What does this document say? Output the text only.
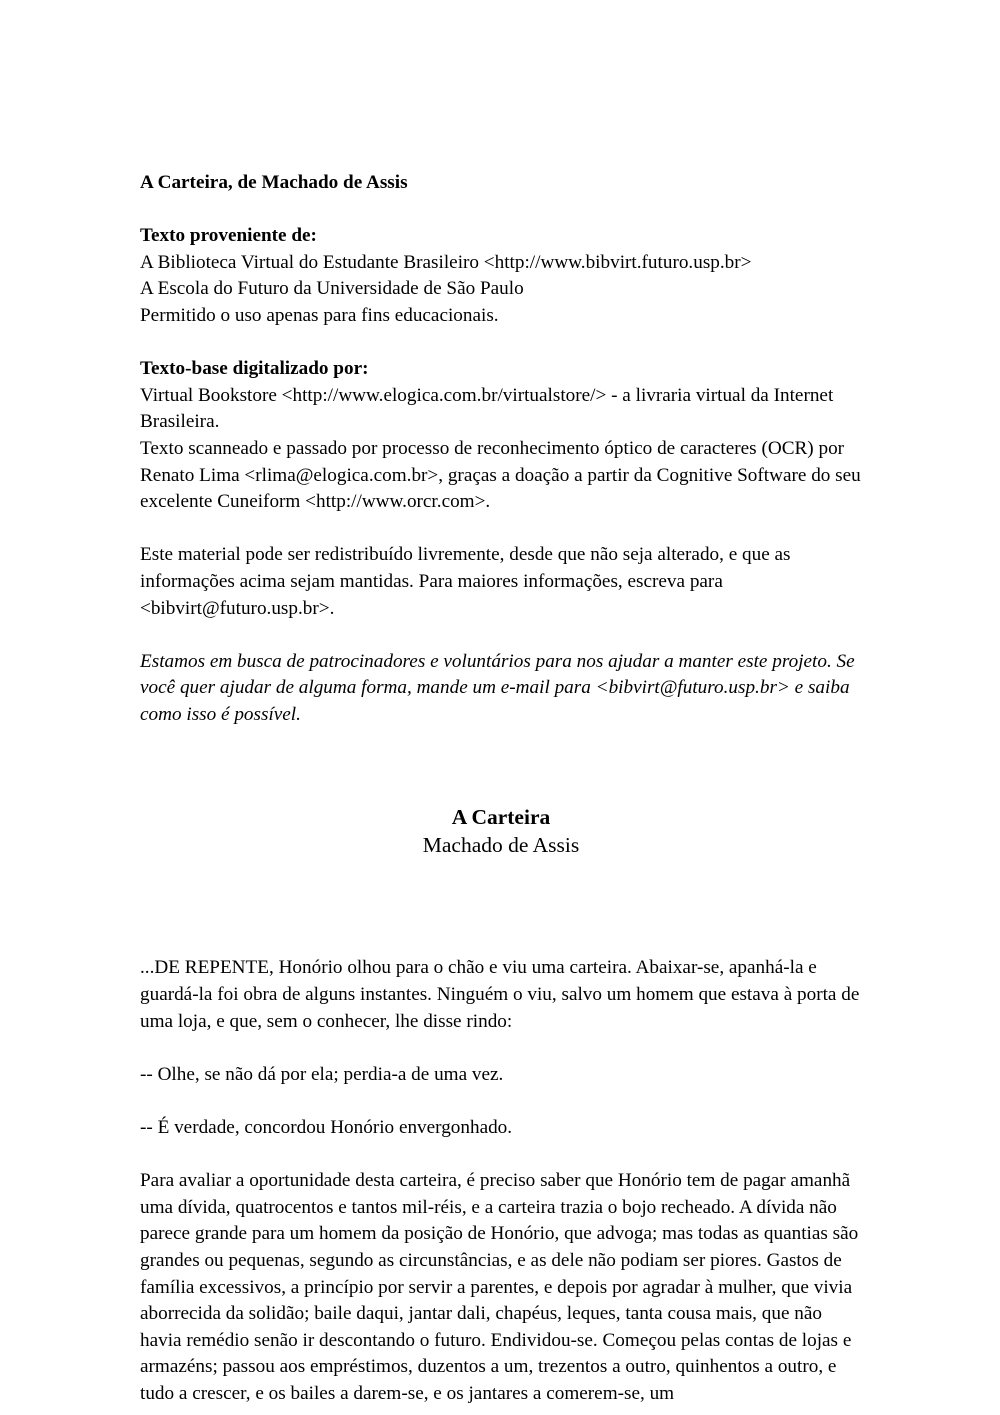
A Carteira, de Machado de Assis

Texto proveniente de:
A Biblioteca Virtual do Estudante Brasileiro <http://www.bibvirt.futuro.usp.br>
A Escola do Futuro da Universidade de São Paulo
Permitido o uso apenas para fins educacionais.
Texto-base digitalizado por:
Virtual Bookstore <http://www.elogica.com.br/virtualstore/> - a livraria virtual da Internet Brasileira.
Texto scanneado e passado por processo de reconhecimento óptico de caracteres (OCR) por Renato Lima <rlima@elogica.com.br>, graças a doação a partir da Cognitive Software do seu excelente Cuneiform <http://www.orcr.com>.

Este material pode ser redistribuído livremente, desde que não seja alterado, e que as informações acima sejam mantidas. Para maiores informações, escreva para <bibvirt@futuro.usp.br>.

Estamos em busca de patrocinadores e voluntários para nos ajudar a manter este projeto. Se você quer ajudar de alguma forma, mande um e-mail para <bibvirt@futuro.usp.br> e saiba como isso é possível.

A Carteira

Machado de Assis

...DE REPENTE, Honório olhou para o chão e viu uma carteira. Abaixar-se, apanhá-la e guardá-la foi obra de alguns instantes. Ninguém o viu, salvo um homem que estava à porta de uma loja, e que, sem o conhecer, lhe disse rindo:

-- Olhe, se não dá por ela; perdia-a de uma vez.

-- É verdade, concordou Honório envergonhado.

Para avaliar a oportunidade desta carteira, é preciso saber que Honório tem de pagar amanhã uma dívida, quatrocentos e tantos mil-réis, e a carteira trazia o bojo recheado. A dívida não parece grande para um homem da posição de Honório, que advoga; mas todas as quantias são grandes ou pequenas, segundo as circunstâncias, e as dele não podiam ser piores. Gastos de família excessivos, a princípio por servir a parentes, e depois por agradar à mulher, que vivia aborrecida da solidão; baile daqui, jantar dali, chapéus, leques, tanta cousa mais, que não havia remédio senão ir descontando o futuro. Endividou-se. Começou pelas contas de lojas e armazéns; passou aos empréstimos, duzentos a um, trezentos a outro, quinhentos a outro, e tudo a crescer, e os bailes a darem-se, e os jantares a comerem-se, um
